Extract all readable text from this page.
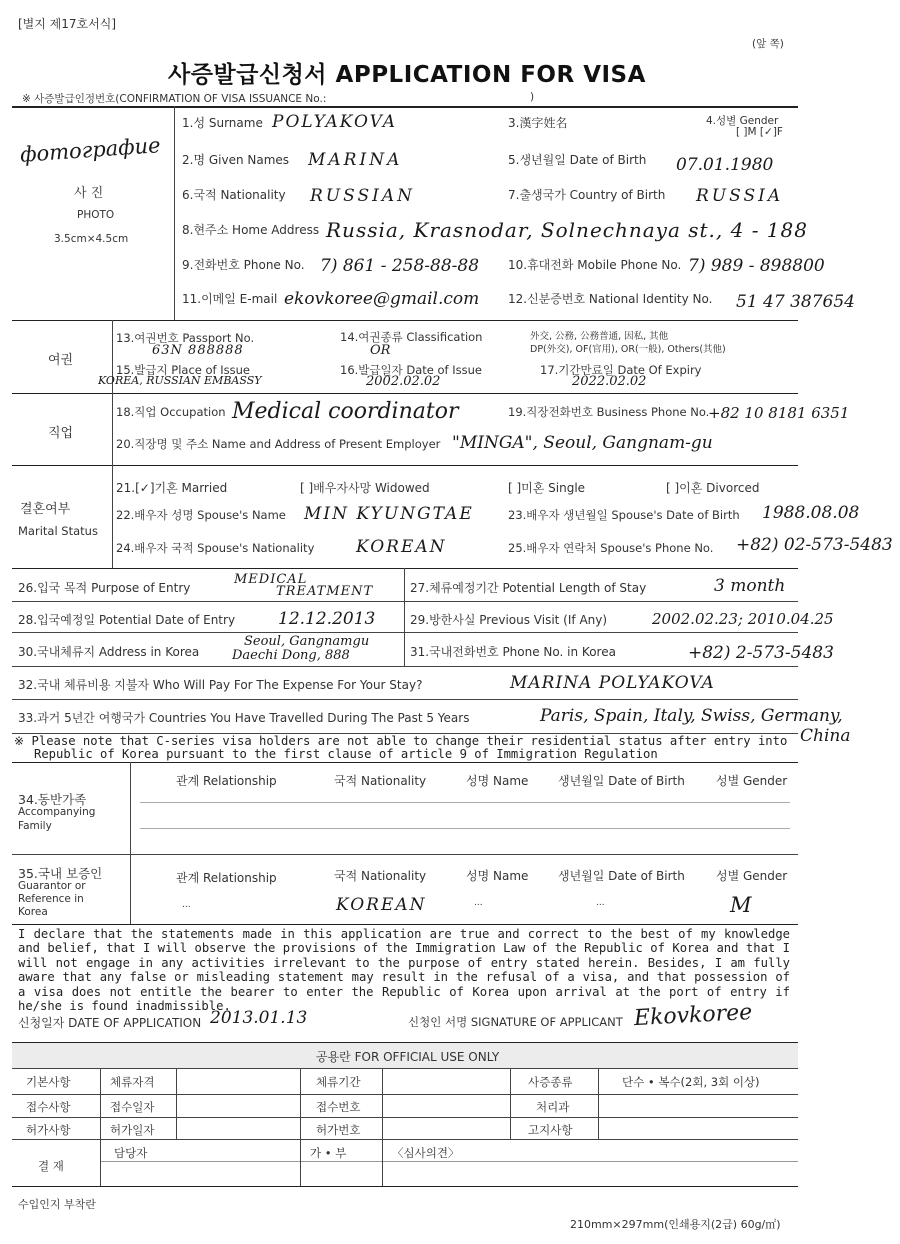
[별지 제17호서식]
(앞 쪽)
사증발급신청서 APPLICATION FOR VISA
※ 사증발급인정번호(CONFIRMATION OF VISA ISSUANCE No.:	)
фотографие
사 진
PHOTO
3.5cm×4.5cm
1.성 Surname POLYAKOVA	3.漢字姓名	4.성별 Gender
[ ]M [✓]F
2.명 Given Names MARINA	5.생년월일 Date of Birth 07.01.1980
6.국적 Nationality RUSSIAN	7.출생국가 Country of Birth RUSSIA
8.현주소 Home Address Russia, Krasnodar, Solnechnaya st., 4 - 188
9.전화번호 Phone No. 7) 861 - 258-88-88 10.휴대전화 Mobile Phone No. 7) 989 - 898800
11.이메일 E-mail ekovkoree@gmail.com 12.신분증번호 National Identity No. 51 47 387654
여권
13.여권번호 Passport No.
63N 888888
14.여권종류 Classification
OR
外交, 公務, 公務普通, 因私, 其他
DP(外交), OF(官用), OR(一般), Others(其他)
15.발급지 Place of Issue
KOREA, RUSSIAN EMBASSY
16.발급일자 Date of Issue
2002.02.02
17.기간만료일 Date Of Expiry
2022.02.02
직업
18.직업 Occupation Medical coordinator	19.직장전화번호 Business Phone No.
+82 10 8181 6351
20.직장명 및 주소 Name and Address of Present Employer "MINGA", Seoul, Gangnam-gu
결혼여부
Marital Status
21.[✓]기혼 Married	[ ]배우자사망 Widowed	[ ]미혼 Single	[ ]이혼 Divorced
22.배우자 성명 Spouse's Name MIN KYUNGTAE	23.배우자 생년월일 Spouse's Date of Birth 1988.08.08
24.배우자 국적 Spouse's Nationality KOREAN	25.배우자 연락처 Spouse's Phone No. +82) 02-573-5483
26.입국 목적 Purpose of Entry
MEDICAL
TREATMENT	27.체류예정기간 Potential Length of Stay	3 month
28.입국예정일 Potential Date of Entry	12.12.2013	29.방한사실 Previous Visit (If Any)	2002.02.23; 2010.04.25
30.국내체류지 Address in Korea
Seoul, Gangnamgu
Daechi Dong, 888	31.국내전화번호 Phone No. in Korea	+82) 2-573-5483
32.국내 체류비용 지불자 Who Will Pay For The Expense For Your Stay?	MARINA POLYAKOVA
33.과거 5년간 여행국가 Countries You Have Travelled During The Past 5 Years	Paris, Spain, Italy, Swiss, Germany,
China
※ Please note that C-series visa holders are not able to change their residential status after entry into
Republic of Korea pursuant to the first clause of article 9 of Immigration Regulation
34.동반가족
Accompanying
Family
관계 Relationship	국적 Nationality	성명 Name 생년월일 Date of Birth	성별 Gender
35.국내 보증인
Guarantor or
Reference in
Korea
관계 Relationship	국적 Nationality	성명 Name 생년월일 Date of Birth	성별 Gender
...	KOREAN	...	...	M
I declare that the statements made in this application are true and correct to the best of my knowledge and belief, that I will observe the provisions of the Immigration Law of the Republic of Korea and that I will not engage in any activities irrelevant to the purpose of entry stated herein. Besides, I am fully aware that any false or misleading statement may result in the refusal of a visa, and that possession of a visa does not entitle the bearer to enter the Republic of Korea upon arrival at the port of entry if he/she is found inadmissible.
신청일자 DATE OF APPLICATION 2013.01.13	신청인 서명 SIGNATURE OF APPLICANT Ekovkoree
공용란 FOR OFFICIAL USE ONLY
기본사항	체류자격	체류기간	사증종류	단수 • 복수(2회, 3회 이상)
접수사항	접수일자	접수번호	처리과
허가사항	허가일자	허가번호	고지사항
결 재
담당자	가 • 부	〈심사의견〉
수입인지 부착란
210mm×297mm(인쇄용지(2급) 60g/㎡)
